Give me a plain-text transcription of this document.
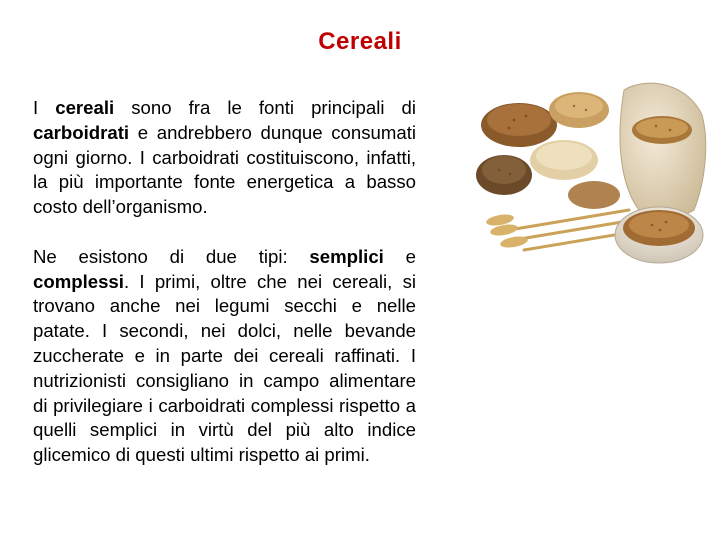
Cereali

I cereali sono fra le fonti principali di carboidrati e andrebbero dunque consumati ogni giorno. I carboidrati costituiscono, infatti, la più importante fonte energetica a basso costo dell’organismo.

Ne esistono di due tipi: semplici e complessi. I primi, oltre che nei cereali, si trovano anche nei legumi secchi e nelle patate. I secondi, nei dolci, nelle bevande zuccherate e in parte dei cereali raffinati. I nutrizionisti consigliano in campo alimentare di privilegiare i carboidrati complessi rispetto a quelli semplici in virtù del più alto indice glicemico di questi ultimi rispetto ai primi.
